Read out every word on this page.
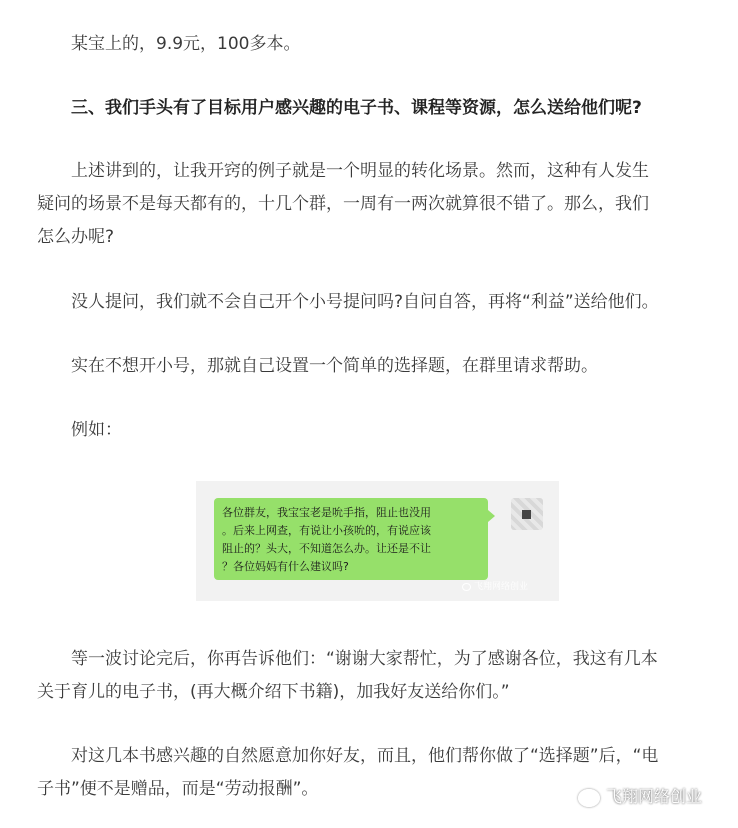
某宝上的，9.9元，100多本。

三、我们手头有了目标用户感兴趣的电子书、课程等资源，怎么送给他们呢?

上述讲到的，让我开窍的例子就是一个明显的转化场景。然而，这种有人发生
疑问的场景不是每天都有的，十几个群，一周有一两次就算很不错了。那么，我们
怎么办呢?

没人提问，我们就不会自己开个小号提问吗?自问自答，再将“利益”送给他们。

实在不想开小号，那就自己设置一个简单的选择题，在群里请求帮助。

例如：

各位群友，我宝宝老是吮手指，阻止也没用
。后来上网查，有说让小孩吮的，有说应该
阻止的？头大，不知道怎么办。让还是不让
？各位妈妈有什么建议吗?
飞翔网络创业
等一波讨论完后，你再告诉他们：“谢谢大家帮忙，为了感谢各位，我这有几本
关于育儿的电子书，(再大概介绍下书籍)，加我好友送给你们。”
对这几本书感兴趣的自然愿意加你好友，而且，他们帮你做了“选择题”后，“电
子书”便不是赠品，而是“劳动报酬”。	飞翔网络创业
